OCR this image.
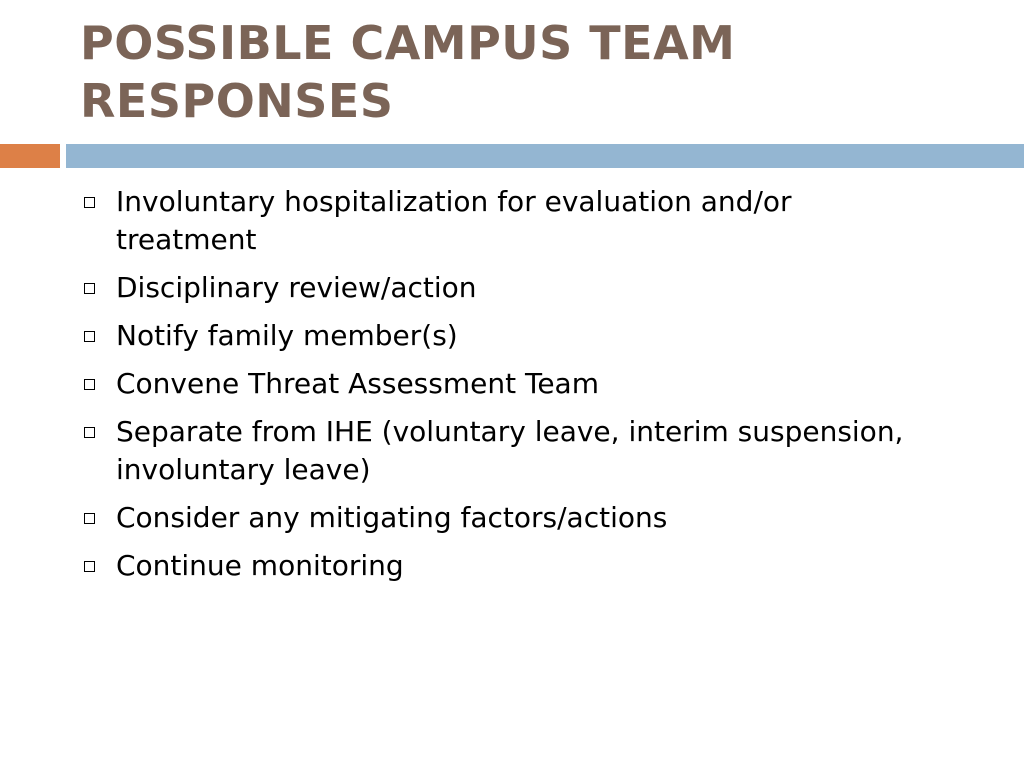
POSSIBLE CAMPUS TEAM RESPONSES
Involuntary hospitalization for evaluation and/or treatment
Disciplinary review/action
Notify family member(s)
Convene Threat Assessment Team
Separate from IHE (voluntary leave, interim suspension, involuntary leave)
Consider any mitigating factors/actions
Continue monitoring
